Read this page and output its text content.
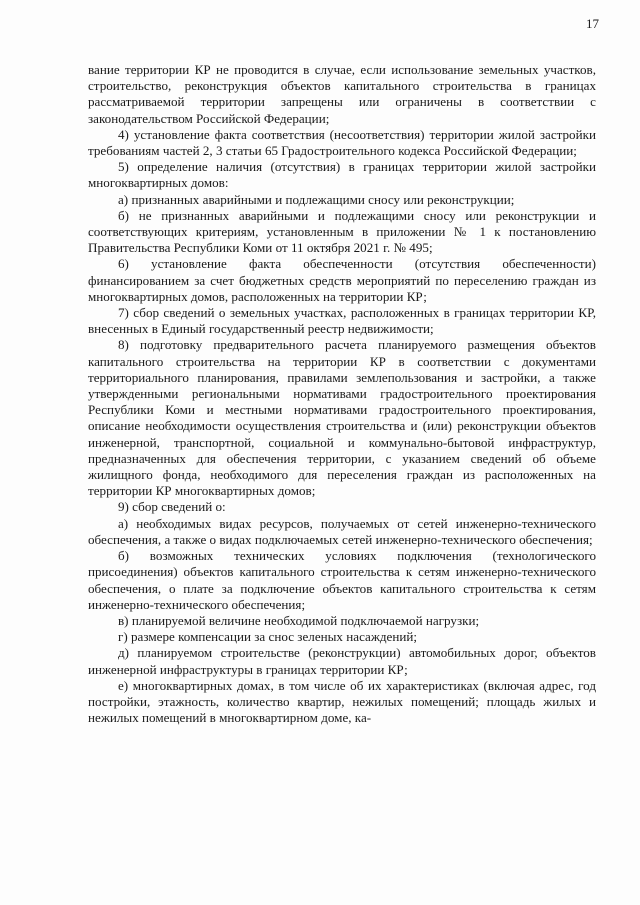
17

вание территории КР не проводится в случае, если использование земельных участков, строительство, реконструкция объектов капитального строительства в границах рассматриваемой территории запрещены или ограничены в соответствии с законодательством Российской Федерации;

4) установление факта соответствия (несоответствия) территории жилой застройки требованиям частей 2, 3 статьи 65 Градостроительного кодекса Российской Федерации;

5) определение наличия (отсутствия) в границах территории жилой застройки многоквартирных домов:

а) признанных аварийными и подлежащими сносу или реконструкции;

б) не признанных аварийными и подлежащими сносу или реконструкции и соответствующих критериям, установленным в приложении № 1 к постановлению Правительства Республики Коми от 11 октября 2021 г. № 495;

6) установление факта обеспеченности (отсутствия обеспеченности) финансированием за счет бюджетных средств мероприятий по переселению граждан из многоквартирных домов, расположенных на территории КР;

7) сбор сведений о земельных участках, расположенных в границах территории КР, внесенных в Единый государственный реестр недвижимости;

8) подготовку предварительного расчета планируемого размещения объектов капитального строительства на территории КР в соответствии с документами территориального планирования, правилами землепользования и застройки, а также утвержденными региональными нормативами градостроительного проектирования Республики Коми и местными нормативами градостроительного проектирования, описание необходимости осуществления строительства и (или) реконструкции объектов инженерной, транспортной, социальной и коммунально-бытовой инфраструктур, предназначенных для обеспечения территории, с указанием сведений об объеме жилищного фонда, необходимого для переселения граждан из расположенных на территории КР многоквартирных домов;

9) сбор сведений о:

а) необходимых видах ресурсов, получаемых от сетей инженерно-технического обеспечения, а также о видах подключаемых сетей инженерно-технического обеспечения;

б) возможных технических условиях подключения (технологического присоединения) объектов капитального строительства к сетям инженерно-технического обеспечения, о плате за подключение объектов капитального строительства к сетям инженерно-технического обеспечения;

в) планируемой величине необходимой подключаемой нагрузки;

г) размере компенсации за снос зеленых насаждений;

д) планируемом строительстве (реконструкции) автомобильных дорог, объектов инженерной инфраструктуры в границах территории КР;

е) многоквартирных домах, в том числе об их характеристиках (включая адрес, год постройки, этажность, количество квартир, нежилых помещений; площадь жилых и нежилых помещений в многоквартирном доме, ка-
